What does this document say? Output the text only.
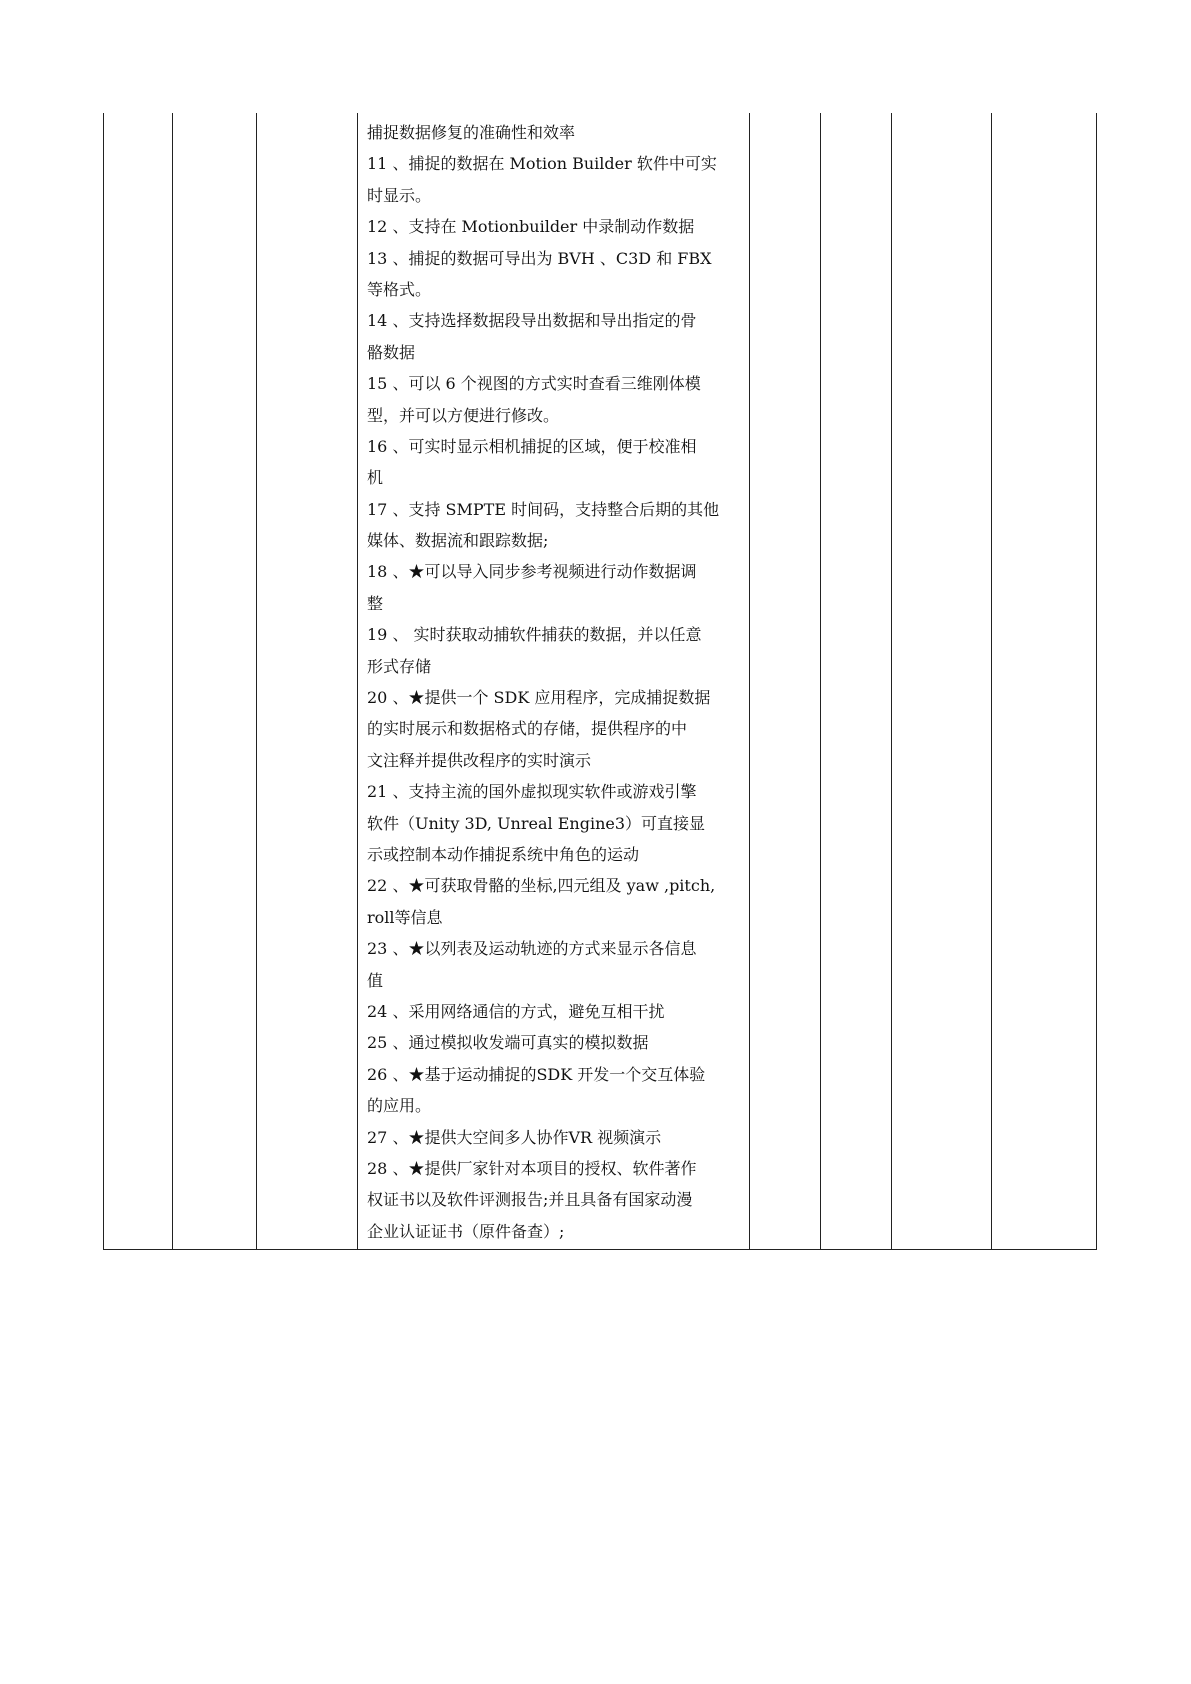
捕捉数据修复的准确性和效率
11 、捕捉的数据在 Motion Builder 软件中可实
时显示。
12 、支持在 Motionbuilder 中录制动作数据
13 、捕捉的数据可导出为 BVH 、C3D 和 FBX
等格式。
14 、支持选择数据段导出数据和导出指定的骨
骼数据
15 、可以 6 个视图的方式实时查看三维刚体模
型，并可以方便进行修改。
16 、可实时显示相机捕捉的区域，便于校准相
机
17 、支持 SMPTE 时间码，支持整合后期的其他
媒体、数据流和跟踪数据;
18 、★可以导入同步参考视频进行动作数据调
整
19 、 实时获取动捕软件捕获的数据，并以任意
形式存储
20 、★提供一个 SDK 应用程序，完成捕捉数据
的实时展示和数据格式的存储，提供程序的中
文注释并提供改程序的实时演示
21 、支持主流的国外虚拟现实软件或游戏引擎
软件（Unity 3D, Unreal Engine3）可直接显
示或控制本动作捕捉系统中角色的运动
22 、★可获取骨骼的坐标,四元组及 yaw ,pitch,
roll等信息
23 、★以列表及运动轨迹的方式来显示各信息
值
24 、采用网络通信的方式，避免互相干扰
25 、通过模拟收发端可真实的模拟数据
26 、★基于运动捕捉的SDK 开发一个交互体验
的应用。
27 、★提供大空间多人协作VR 视频演示
28 、★提供厂家针对本项目的授权、软件著作
权证书以及软件评测报告;并且具备有国家动漫
企业认证证书（原件备查）;
